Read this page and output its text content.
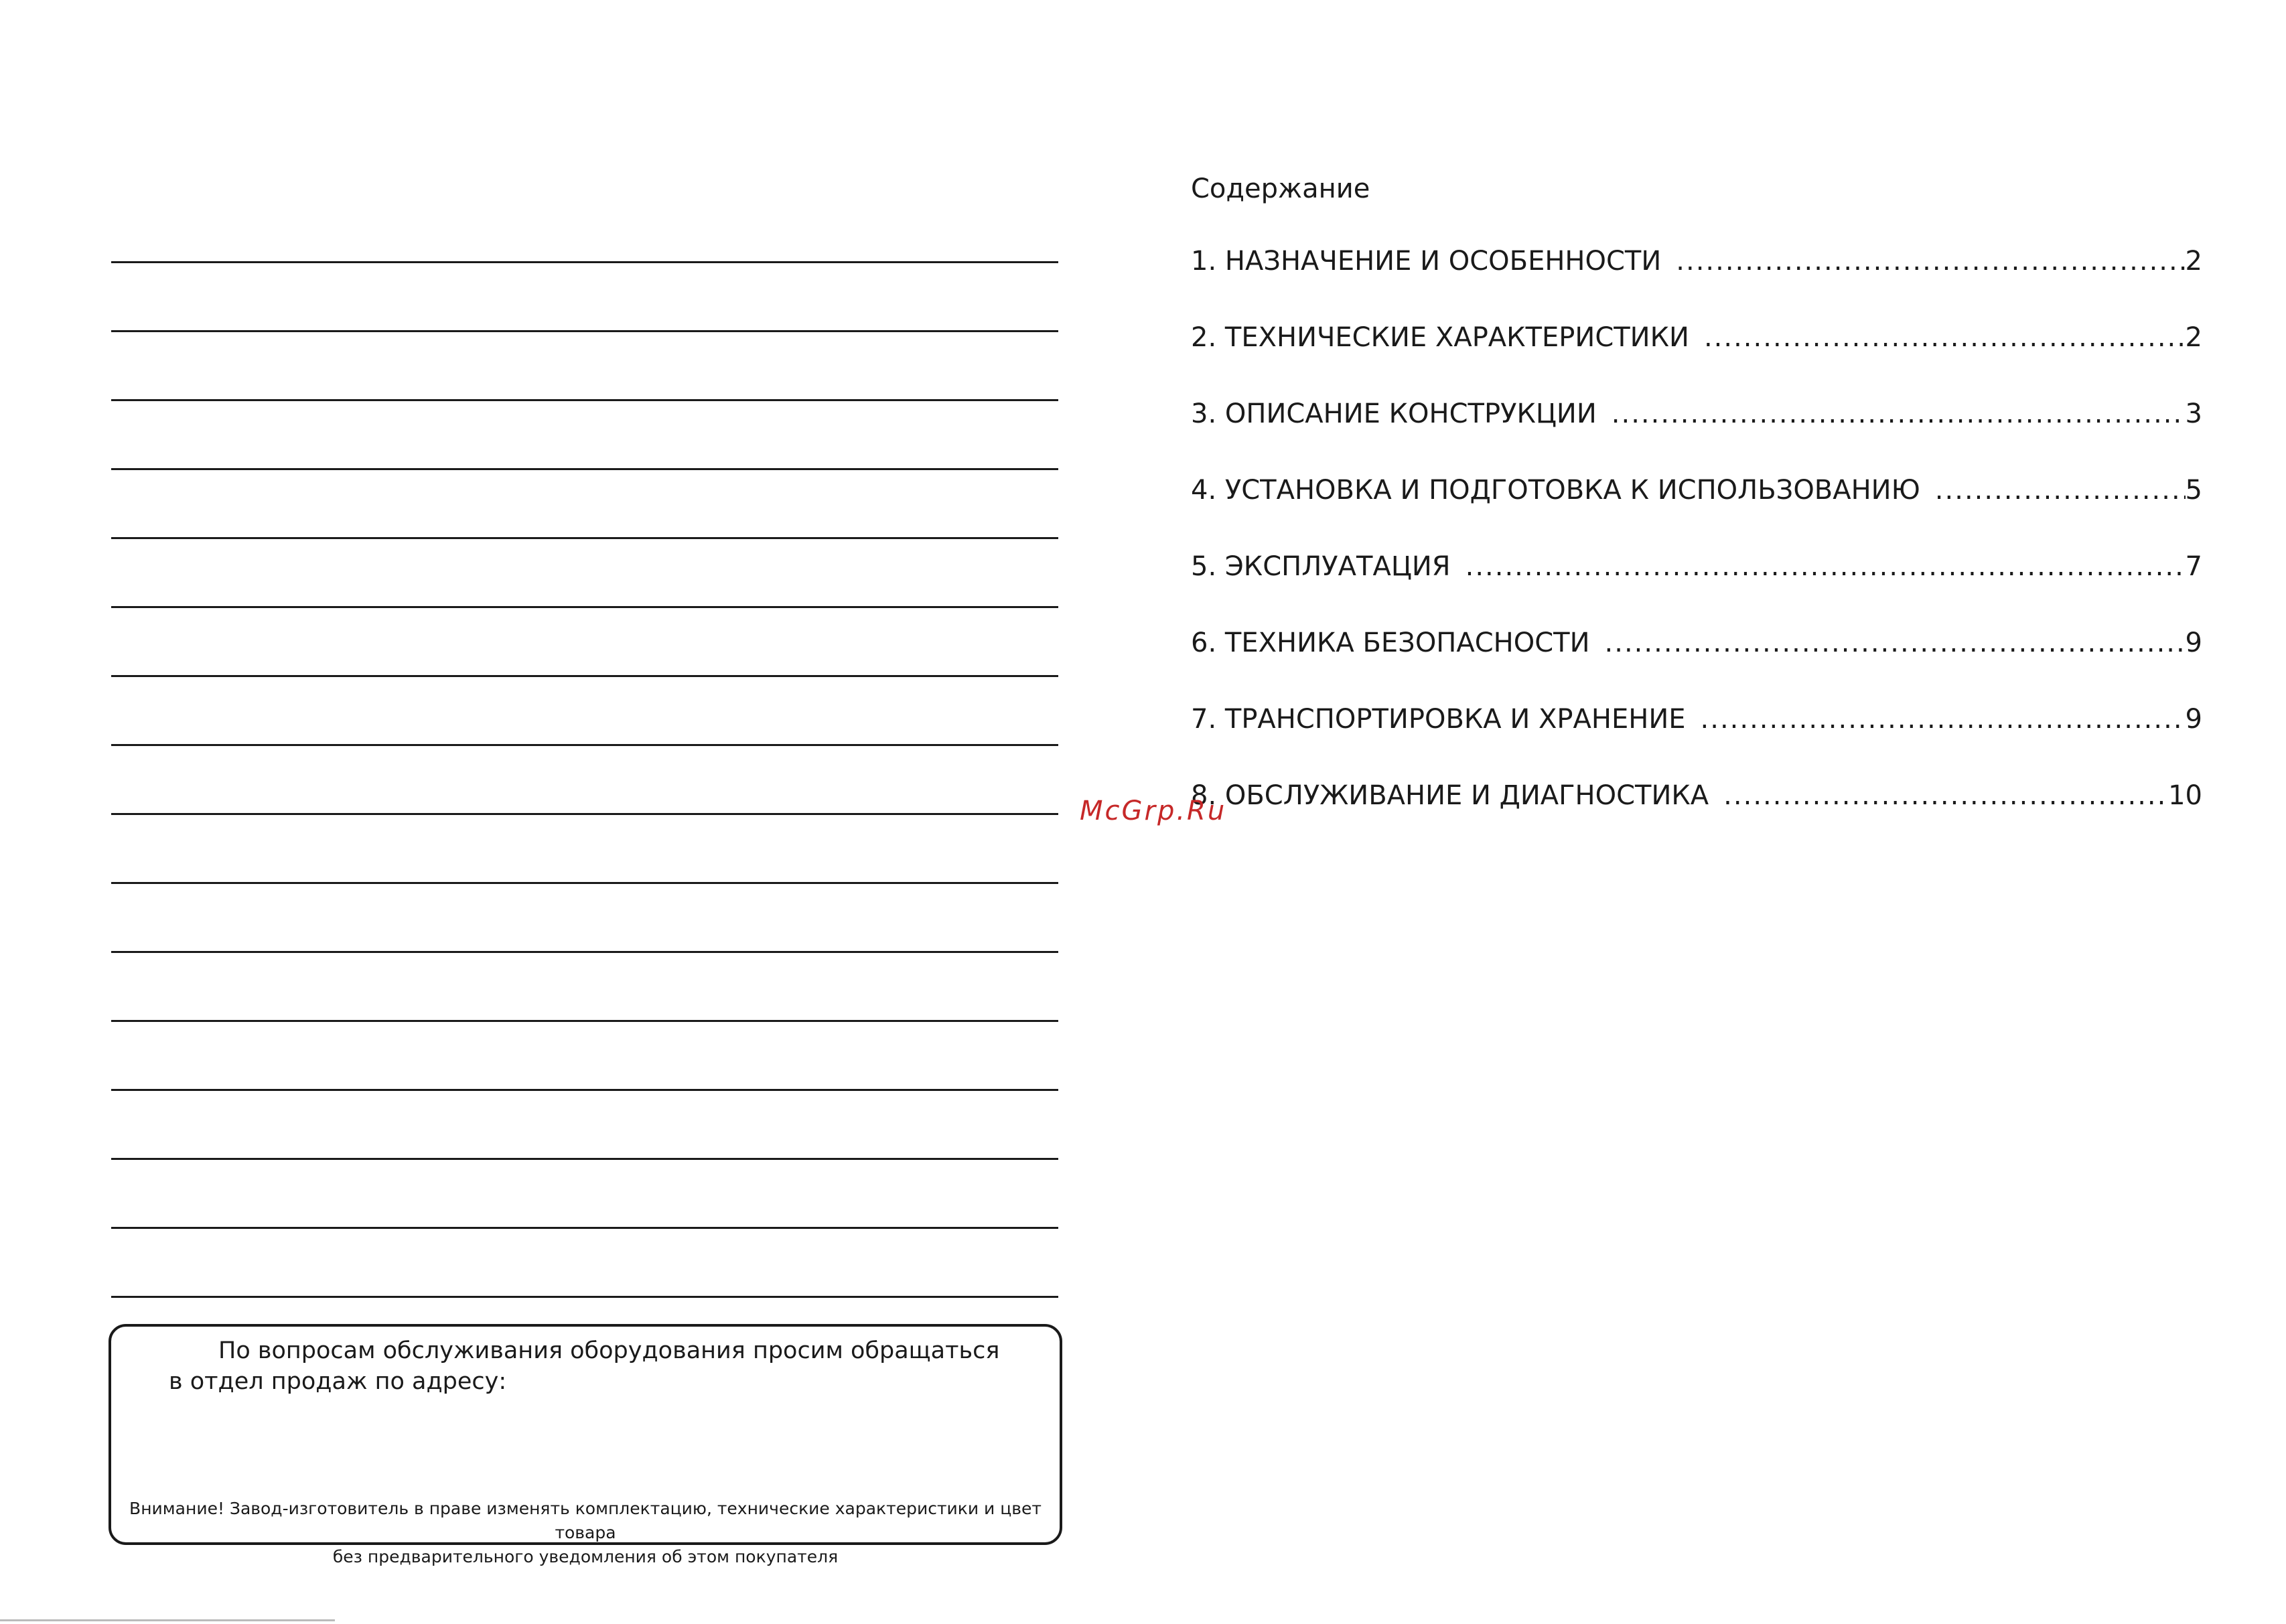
По вопросам обслуживания оборудования просим обращаться
в отдел продаж по адресу:
Внимание! Завод-изготовитель в праве изменять комплектацию, технические характеристики и цвет товара
без предварительного уведомления об этом покупателя
Содержание
1. НАЗНАЧЕНИЕ И ОСОБЕННОСТИ .....	2
2. ТЕХНИЧЕСКИЕ ХАРАКТЕРИСТИКИ .....	2
3. ОПИСАНИЕ КОНСТРУКЦИИ .....	3
4. УСТАНОВКА И ПОДГОТОВКА К ИСПОЛЬЗОВАНИЮ .....	5
5. ЭКСПЛУАТАЦИЯ .....	7
6. ТЕХНИКА БЕЗОПАСНОСТИ .....	9
7. ТРАНСПОРТИРОВКА И ХРАНЕНИЕ .....	9
8. ОБСЛУЖИВАНИЕ И ДИАГНОСТИКА .....	10
McGrp.Ru
